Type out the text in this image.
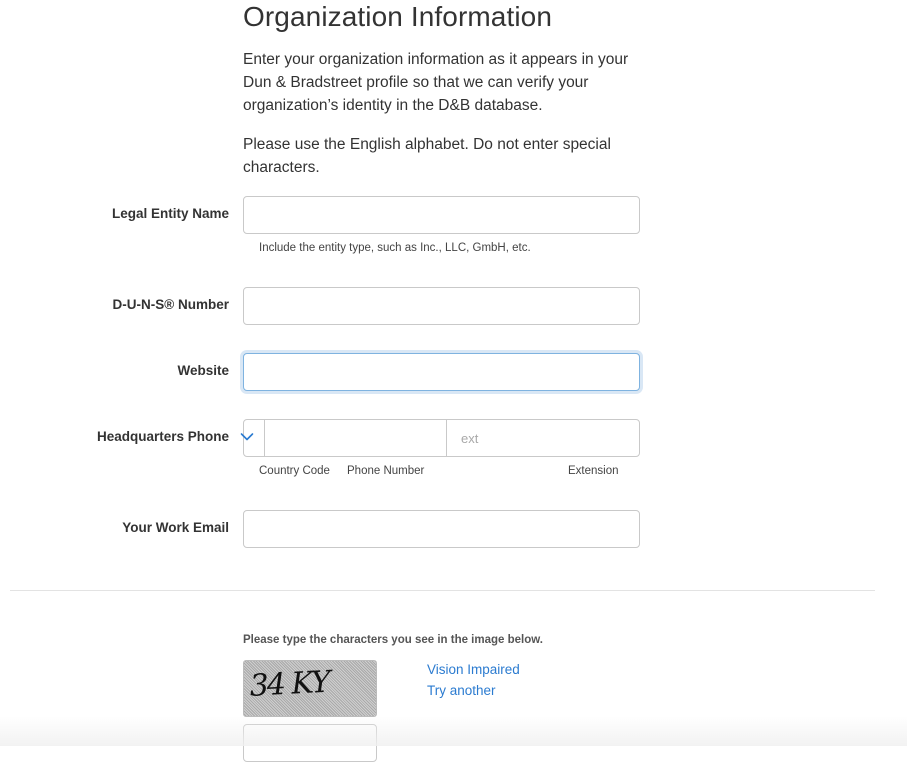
Organization Information
Enter your organization information as it appears in your Dun & Bradstreet profile so that we can verify your organization’s identity in the D&B database.
Please use the English alphabet. Do not enter special characters.
Legal Entity Name
Include the entity type, such as Inc., LLC, GmbH, etc.
D-U-N-S® Number
Website
Headquarters Phone
ext
Country Code Phone Number	Extension
Your Work Email
Please type the characters you see in the image below.
34 KY	Vision Impaired
Try another
